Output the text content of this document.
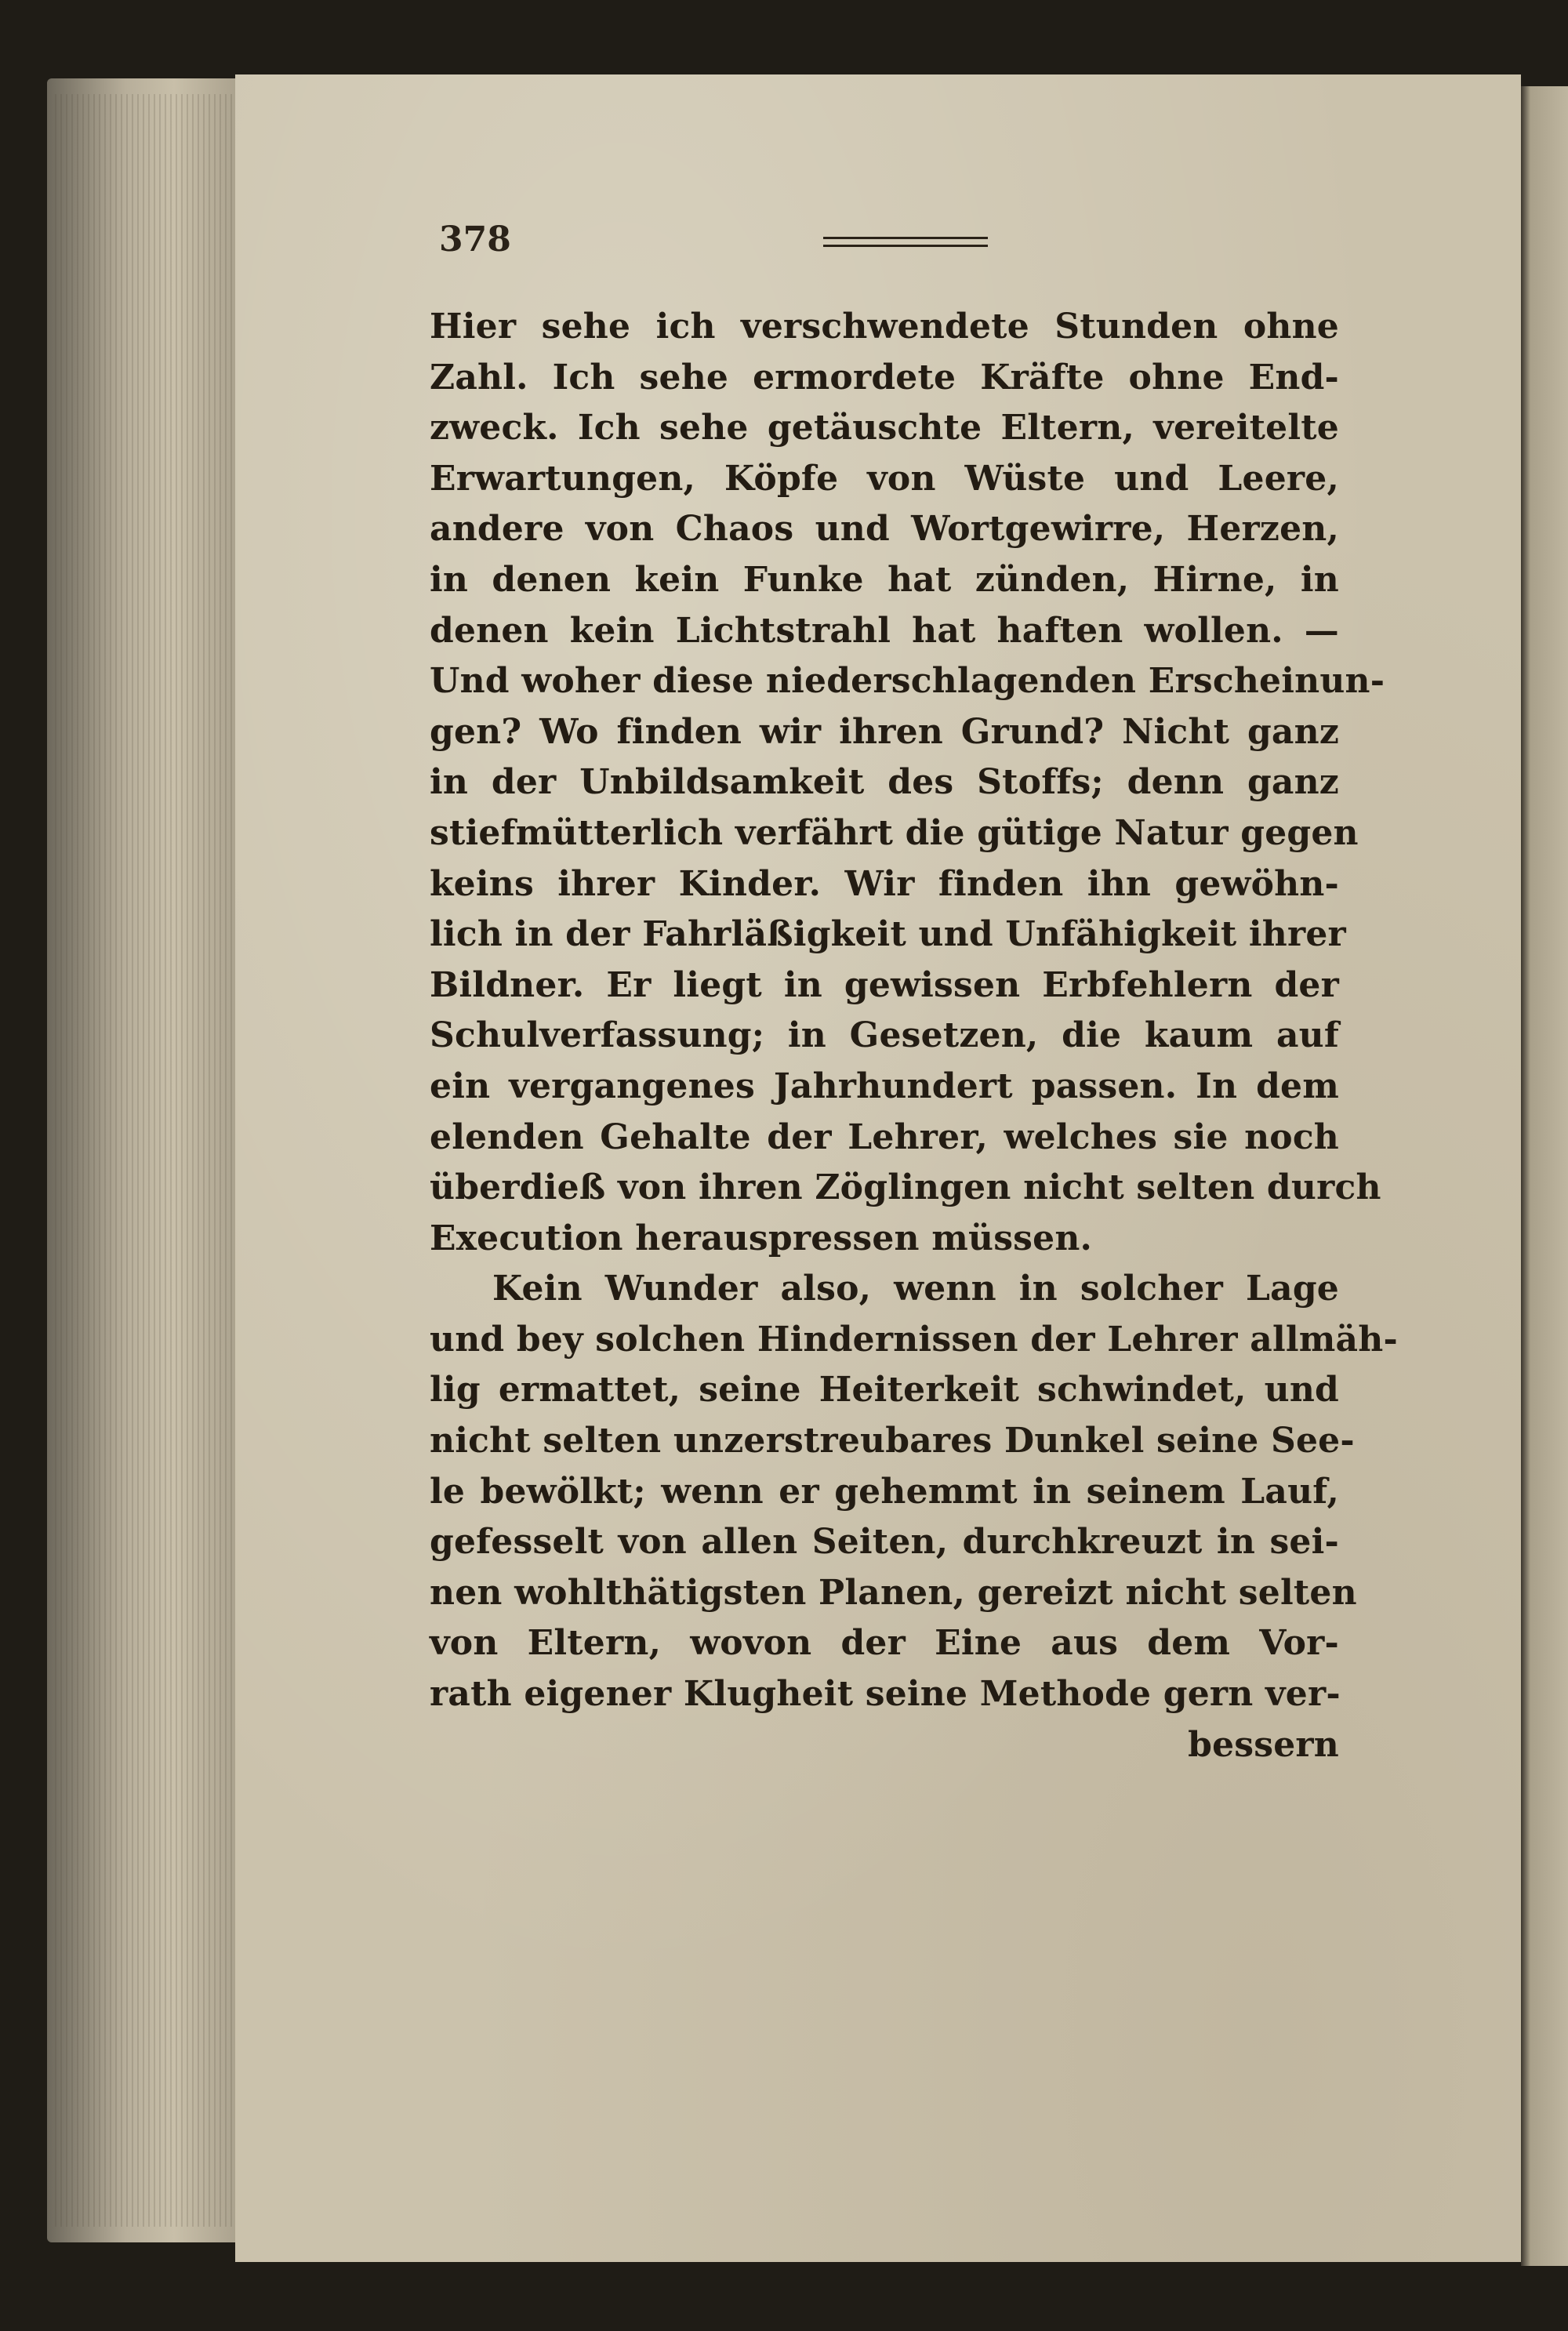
378
Hier sehe ich verschwendete Stunden ohne
Zahl. Ich sehe ermordete Kräfte ohne End-
zweck. Ich sehe getäuschte Eltern, vereitelte
Erwartungen, Köpfe von Wüste und Leere,
andere von Chaos und Wortgewirre, Herzen,
in denen kein Funke hat zünden, Hirne, in
denen kein Lichtstrahl hat haften wollen. —
Und woher diese niederschlagenden Erscheinun-
gen? Wo finden wir ihren Grund? Nicht ganz
in der Unbildsamkeit des Stoffs; denn ganz
stiefmütterlich verfährt die gütige Natur gegen
keins ihrer Kinder. Wir finden ihn gewöhn-
lich in der Fahrläßigkeit und Unfähigkeit ihrer
Bildner. Er liegt in gewissen Erbfehlern der
Schulverfassung; in Gesetzen, die kaum auf
ein vergangenes Jahrhundert passen. In dem
elenden Gehalte der Lehrer, welches sie noch
überdieß von ihren Zöglingen nicht selten durch
Execution herauspressen müssen.
Kein Wunder also, wenn in solcher Lage
und bey solchen Hindernissen der Lehrer allmäh-
lig ermattet, seine Heiterkeit schwindet, und
nicht selten unzerstreubares Dunkel seine See-
le bewölkt; wenn er gehemmt in seinem Lauf,
gefesselt von allen Seiten, durchkreuzt in sei-
nen wohlthätigsten Planen, gereizt nicht selten
von Eltern, wovon der Eine aus dem Vor-
rath eigener Klugheit seine Methode gern ver-
bessern
